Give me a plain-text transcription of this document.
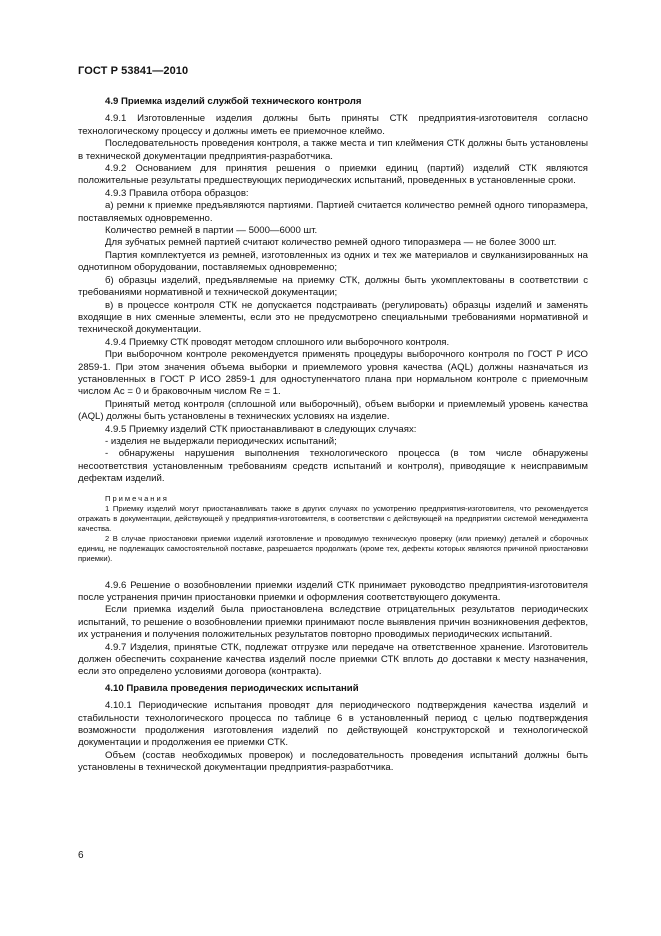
ГОСТ Р 53841—2010

4.9 Приемка изделий службой технического контроля

4.9.1 Изготовленные изделия должны быть приняты СТК предприятия-изготовителя согласно технологическому процессу и должны иметь ее приемочное клеймо.

Последовательность проведения контроля, а также места и тип клеймения СТК должны быть установлены в технической документации предприятия-разработчика.

4.9.2 Основанием для принятия решения о приемки единиц (партий) изделий СТК являются положительные результаты предшествующих периодических испытаний, проведенных в установленные сроки.

4.9.3 Правила отбора образцов:

а) ремни к приемке предъявляются партиями. Партией считается количество ремней одного типоразмера, поставляемых одновременно.

Количество ремней в партии — 5000—6000 шт.

Для зубчатых ремней партией считают количество ремней одного типоразмера — не более 3000 шт.

Партия комплектуется из ремней, изготовленных из одних и тех же материалов и свулканизированных на однотипном оборудовании, поставляемых одновременно;

б) образцы изделий, предъявляемые на приемку СТК, должны быть укомплектованы в соответствии с требованиями нормативной и технической документации;

в) в процессе контроля СТК не допускается подстраивать (регулировать) образцы изделий и заменять входящие в них сменные элементы, если это не предусмотрено специальными требованиями нормативной и технической документации.

4.9.4 Приемку СТК проводят методом сплошного или выборочного контроля.

При выборочном контроле рекомендуется применять процедуры выборочного контроля по ГОСТ Р ИСО 2859-1. При этом значения объема выборки и приемлемого уровня качества (AQL) должны назначаться из установленных в ГОСТ Р ИСО 2859-1 для одноступенчатого плана при нормальном контроле с приемочным числом Ac = 0 и браковочным числом Re = 1.

Принятый метод контроля (сплошной или выборочный), объем выборки и приемлемый уровень качества (AQL) должны быть установлены в технических условиях на изделие.

4.9.5 Приемку изделий СТК приостанавливают в следующих случаях:

- изделия не выдержали периодических испытаний;

- обнаружены нарушения выполнения технологического процесса (в том числе обнаружены несоответствия установленным требованиям средств испытаний и контроля), приводящие к неисправимым дефектам изделий.

Примечания

1 Приемку изделий могут приостанавливать также в других случаях по усмотрению предприятия-изготовителя, что рекомендуется отражать в документации, действующей у предприятия-изготовителя, в соответствии с действующей на предприятии системой менеджмента качества.

2 В случае приостановки приемки изделий изготовление и проводимую техническую проверку (или приемку) деталей и сборочных единиц, не подлежащих самостоятельной поставке, разрешается продолжать (кроме тех, дефекты которых являются причиной приостановки приемки).

4.9.6 Решение о возобновлении приемки изделий СТК принимает руководство предприятия-изготовителя после устранения причин приостановки приемки и оформления соответствующего документа.

Если приемка изделий была приостановлена вследствие отрицательных результатов периодических испытаний, то решение о возобновлении приемки принимают после выявления причин возникновения дефектов, их устранения и получения положительных результатов повторно проводимых периодических испытаний.

4.9.7 Изделия, принятые СТК, подлежат отгрузке или передаче на ответственное хранение. Изготовитель должен обеспечить сохранение качества изделий после приемки СТК вплоть до доставки к месту назначения, если это определено условиями договора (контракта).

4.10 Правила проведения периодических испытаний

4.10.1 Периодические испытания проводят для периодического подтверждения качества изделий и стабильности технологического процесса по таблице 6 в установленный период с целью подтверждения возможности продолжения изготовления изделий по действующей конструкторской и технологической документации и продолжения ее приемки СТК.

Объем (состав необходимых проверок) и последовательность проведения испытаний должны быть установлены в технической документации предприятия-разработчика.

6
